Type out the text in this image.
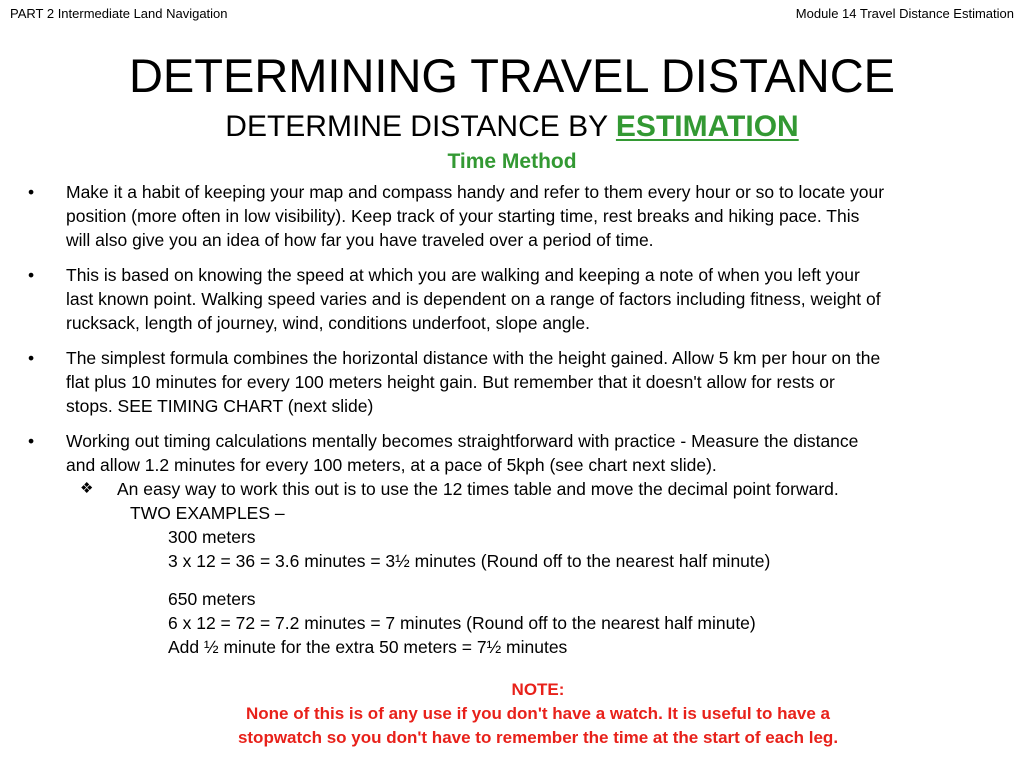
PART 2 Intermediate Land Navigation	Module 14 Travel Distance Estimation
DETERMINING TRAVEL DISTANCE
DETERMINE DISTANCE BY ESTIMATION
Time Method
• Make it a habit of keeping your map and compass handy and refer to them every hour or so to locate your
position (more often in low visibility). Keep track of your starting time, rest breaks and hiking pace. This
will also give you an idea of how far you have traveled over a period of time.
• This is based on knowing the speed at which you are walking and keeping a note of when you left your
last known point. Walking speed varies and is dependent on a range of factors including fitness, weight of
rucksack, length of journey, wind, conditions underfoot, slope angle.
• The simplest formula combines the horizontal distance with the height gained. Allow 5 km per hour on the
flat plus 10 minutes for every 100 meters height gain. But remember that it doesn't allow for rests or
stops. SEE TIMING CHART (next slide)
• Working out timing calculations mentally becomes straightforward with practice - Measure the distance
and allow 1.2 minutes for every 100 meters, at a pace of 5kph (see chart next slide).
❖ An easy way to work this out is to use the 12 times table and move the decimal point forward.
TWO EXAMPLES –
300 meters
3 x 12 = 36 = 3.6 minutes = 3½ minutes (Round off to the nearest half minute)
650 meters
6 x 12 = 72 = 7.2 minutes = 7 minutes (Round off to the nearest half minute)
Add ½ minute for the extra 50 meters = 7½ minutes
NOTE:
None of this is of any use if you don't have a watch. It is useful to have a
stopwatch so you don't have to remember the time at the start of each leg.
